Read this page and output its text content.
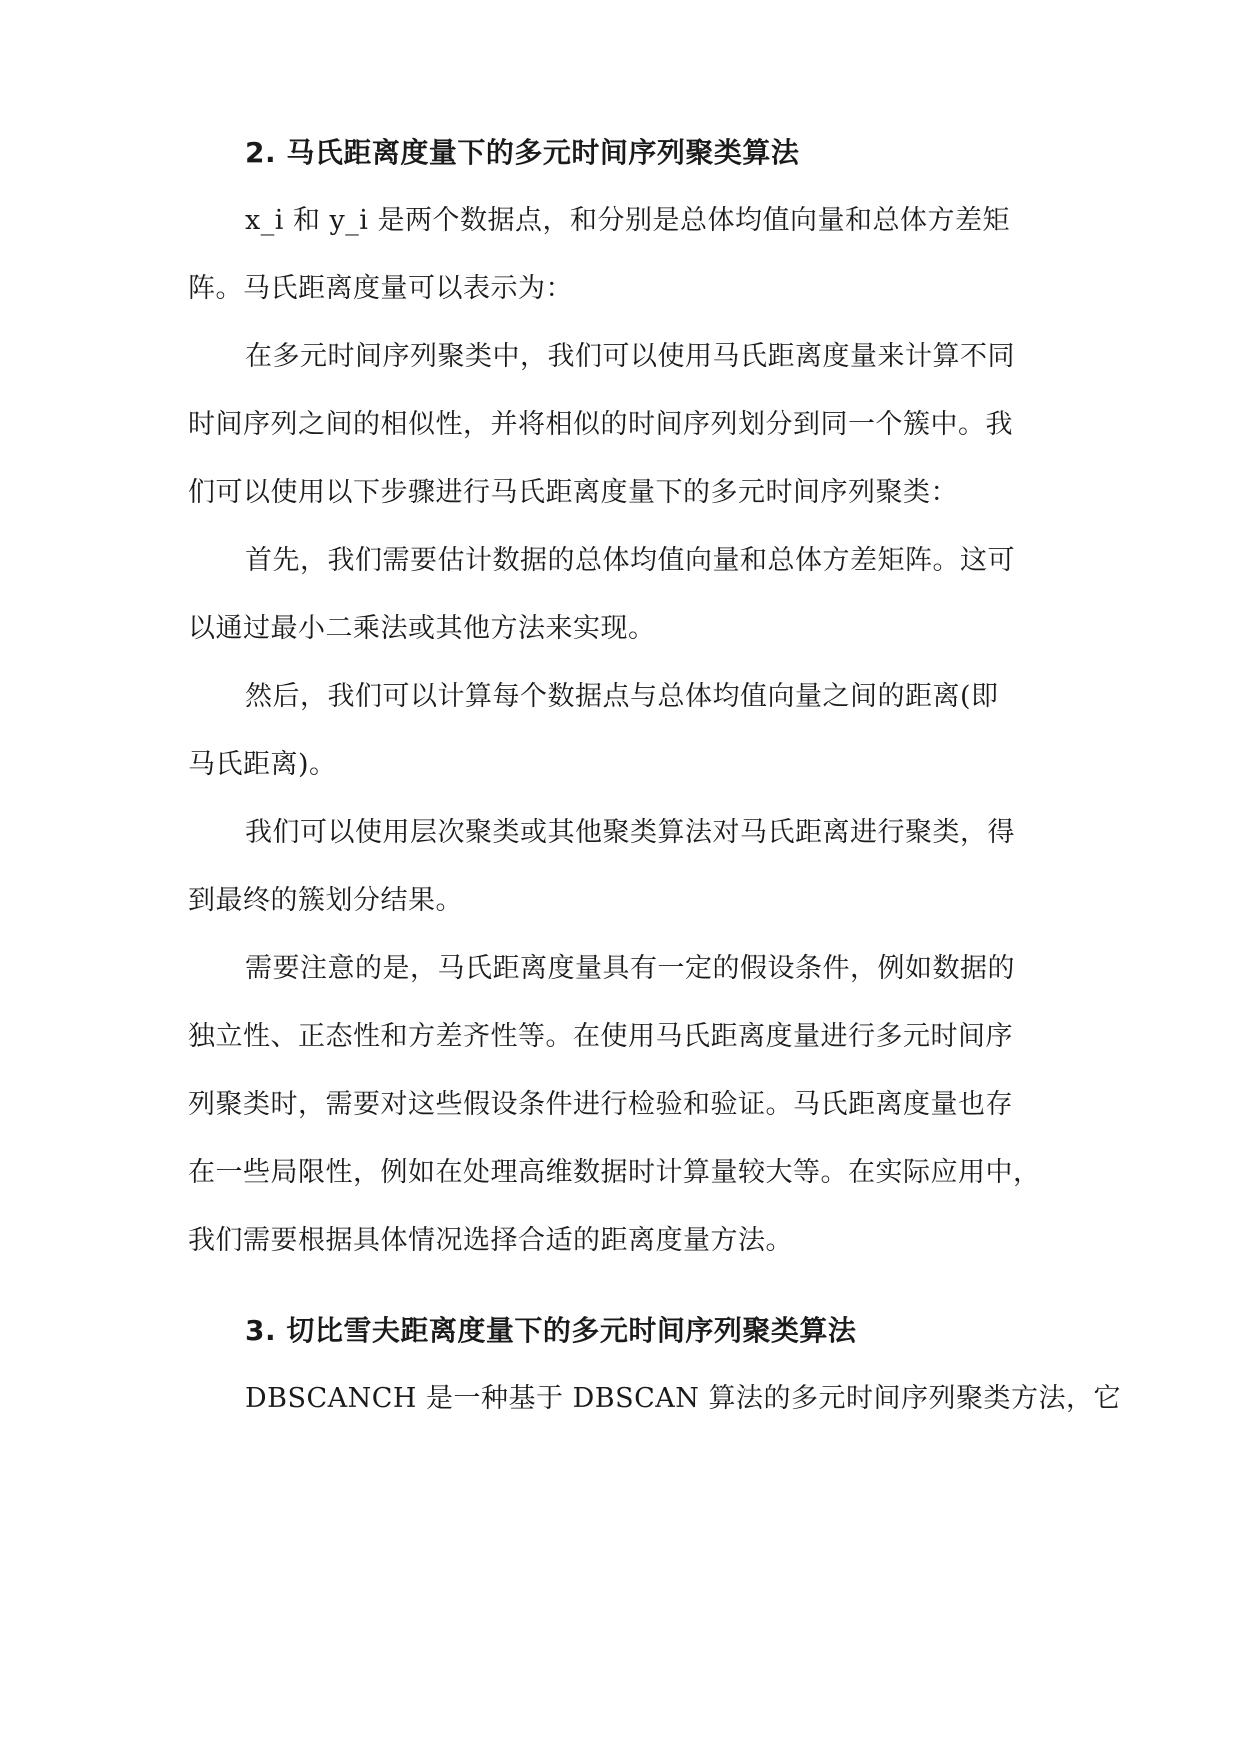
2. 马氏距离度量下的多元时间序列聚类算法
x_i 和 y_i 是两个数据点，和分别是总体均值向量和总体方差矩
阵。马氏距离度量可以表示为：
在多元时间序列聚类中，我们可以使用马氏距离度量来计算不同
时间序列之间的相似性，并将相似的时间序列划分到同一个簇中。我
们可以使用以下步骤进行马氏距离度量下的多元时间序列聚类：
首先，我们需要估计数据的总体均值向量和总体方差矩阵。这可
以通过最小二乘法或其他方法来实现。
然后，我们可以计算每个数据点与总体均值向量之间的距离(即
马氏距离)。
我们可以使用层次聚类或其他聚类算法对马氏距离进行聚类，得
到最终的簇划分结果。
需要注意的是，马氏距离度量具有一定的假设条件，例如数据的
独立性、正态性和方差齐性等。在使用马氏距离度量进行多元时间序
列聚类时，需要对这些假设条件进行检验和验证。马氏距离度量也存
在一些局限性，例如在处理高维数据时计算量较大等。在实际应用中，
我们需要根据具体情况选择合适的距离度量方法。
3. 切比雪夫距离度量下的多元时间序列聚类算法
DBSCANCH 是一种基于 DBSCAN 算法的多元时间序列聚类方法，它
